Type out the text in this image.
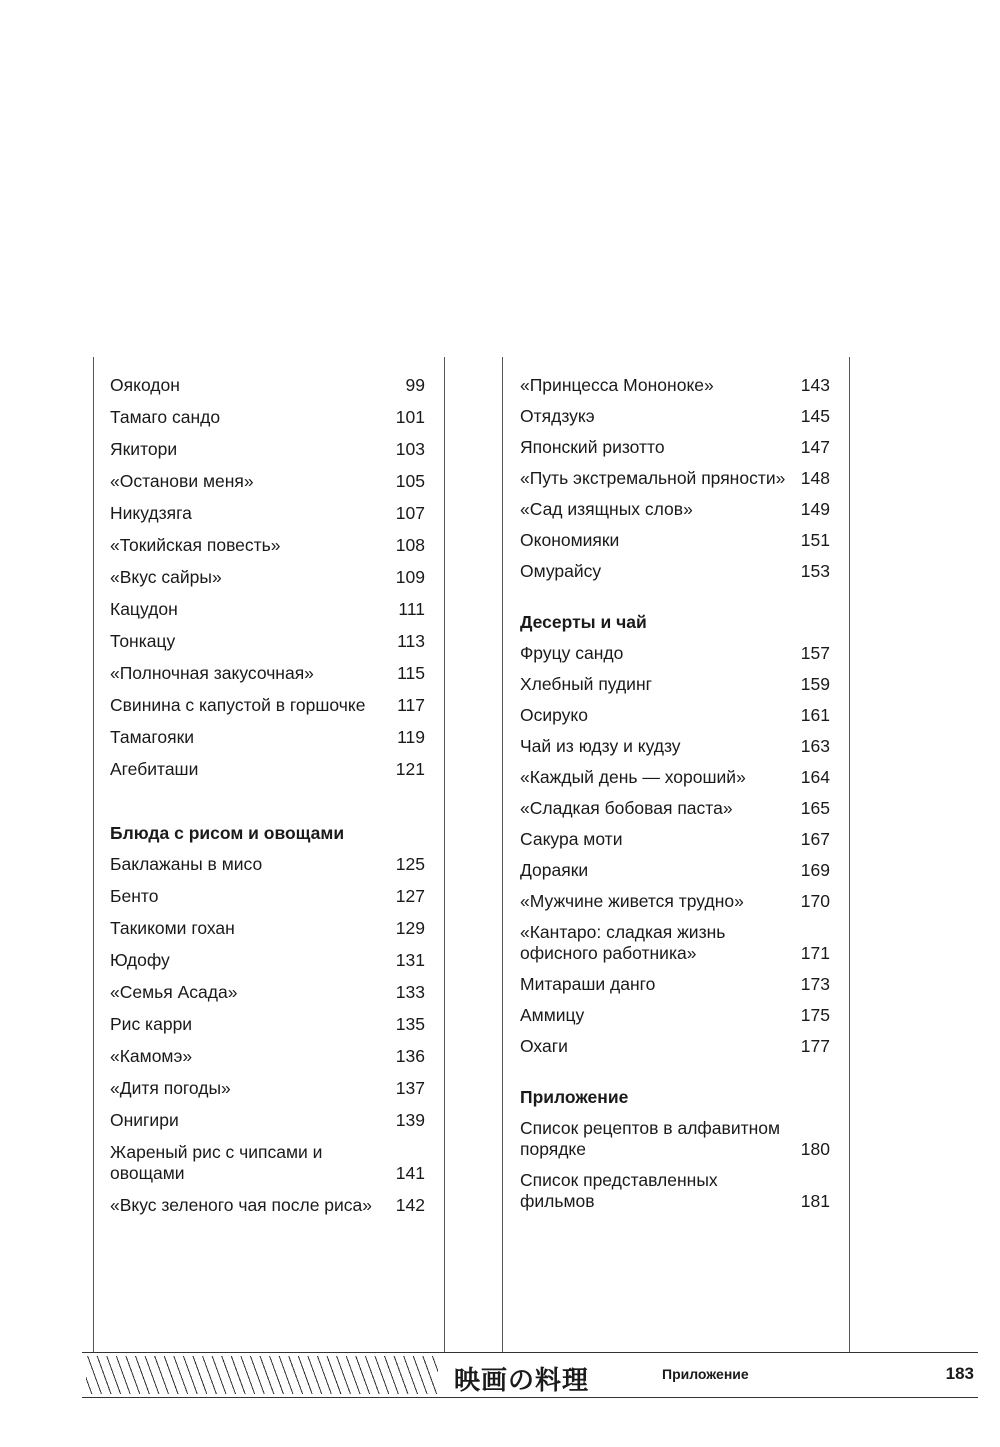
Оякодон	99
Тамаго сандо	101
Якитори	103
«Останови меня»	105
Никудзяга	107
«Токийская повесть»	108
«Вкус сайры»	109
Кацудон	111
Тонкацу	113
«Полночная закусочная»	115
Свинина с капустой в горшочке	117
Тамагояки	119
Агебиташи	121
Блюда с рисом и овощами
Баклажаны в мисо	125
Бенто	127
Такикоми гохан	129
Юдофу	131
«Семья Асада»	133
Рис карри	135
«Камомэ»	136
«Дитя погоды»	137
Онигири	139
Жареный рис с чипсами и овощами	141
«Вкус зеленого чая после риса»	142
«Принцесса Мононоке»	143
Отядзукэ	145
Японский ризотто	147
«Путь экстремальной пряности» 148
«Сад изящных слов»	149
Окономияки	151
Омурайсу	153
Десерты и чай
Фруцу сандо	157
Хлебный пудинг	159
Осируко	161
Чай из юдзу и кудзу	163
«Каждый день — хороший»	164
«Сладкая бобовая паста»	165
Сакура моти	167
Дораяки	169
«Мужчине живется трудно»	170
«Кантаро: сладкая жизнь офисного работника»	171
Митараши данго	173
Аммицу	175
Охаги	177
Приложение
Список рецептов в алфавитном порядке	180
Список представленных фильмов	181
映画の料理	Приложение	183
